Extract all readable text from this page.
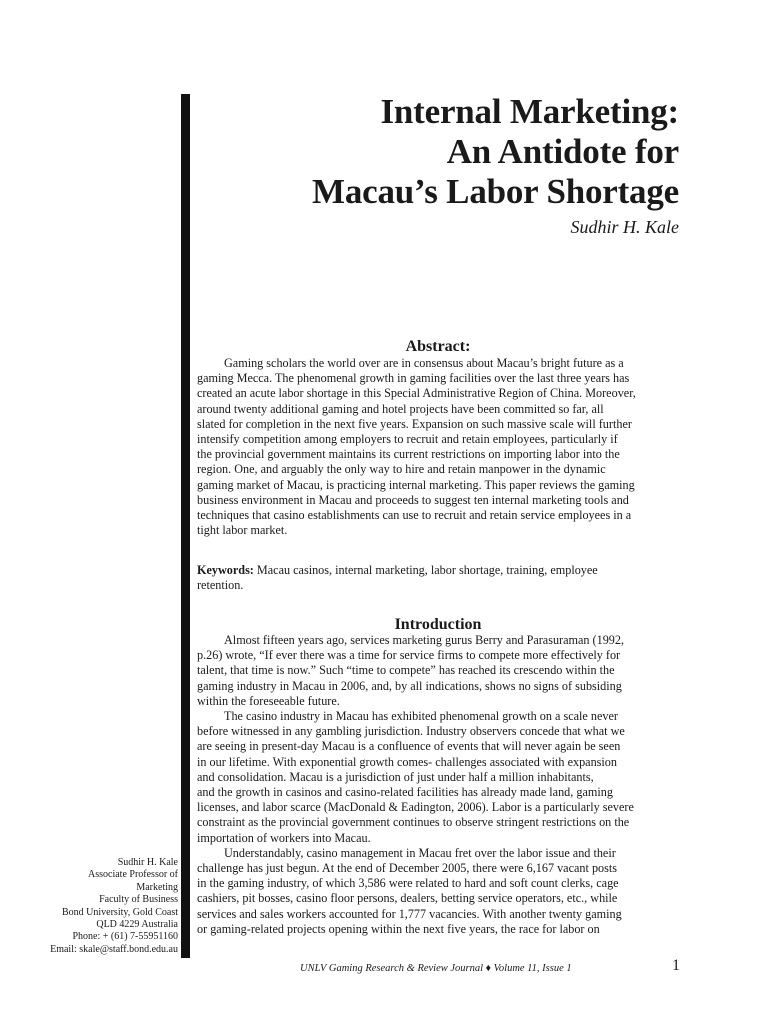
Internal Marketing:
An Antidote for
Macau’s Labor Shortage
Sudhir H. Kale
Abstract:

Gaming scholars the world over are in consensus about Macau’s bright future as a
gaming Mecca. The phenomenal growth in gaming facilities over the last three years has
created an acute labor shortage in this Special Administrative Region of China. Moreover,
around twenty additional gaming and hotel projects have been committed so far, all
slated for completion in the next five years. Expansion on such massive scale will further
intensify competition among employers to recruit and retain employees, particularly if
the provincial government maintains its current restrictions on importing labor into the
region. One, and arguably the only way to hire and retain manpower in the dynamic
gaming market of Macau, is practicing internal marketing. This paper reviews the gaming
business environment in Macau and proceeds to suggest ten internal marketing tools and
techniques that casino establishments can use to recruit and retain service employees in a
tight labor market.

Keywords: Macau casinos, internal marketing, labor shortage, training, employee
retention.

Introduction

Almost fifteen years ago, services marketing gurus Berry and Parasuraman (1992,
p.26) wrote, “If ever there was a time for service firms to compete more effectively for
talent, that time is now.” Such “time to compete” has reached its crescendo within the
gaming industry in Macau in 2006, and, by all indications, shows no signs of subsiding
within the foreseeable future.

The casino industry in Macau has exhibited phenomenal growth on a scale never
before witnessed in any gambling jurisdiction. Industry observers concede that what we
are seeing in present-day Macau is a confluence of events that will never again be seen
in our lifetime. With exponential growth comes- challenges associated with expansion
and consolidation. Macau is a jurisdiction of just under half a million inhabitants,
and the growth in casinos and casino-related facilities has already made land, gaming
licenses, and labor scarce (MacDonald & Eadington, 2006). Labor is a particularly severe
constraint as the provincial government continues to observe stringent restrictions on the
importation of workers into Macau.

Understandably, casino management in Macau fret over the labor issue and their
challenge has just begun. At the end of December 2005, there were 6,167 vacant posts
in the gaming industry, of which 3,586 were related to hard and soft count clerks, cage
cashiers, pit bosses, casino floor persons, dealers, betting service operators, etc., while
services and sales workers accounted for 1,777 vacancies. With another twenty gaming
or gaming-related projects opening within the next five years, the race for labor on

Sudhir H. Kale
Associate Professor of
Marketing
Faculty of Business
Bond University, Gold Coast
QLD 4229 Australia
Phone: + (61) 7-55951160
Email: skale@staff.bond.edu.au
UNLV Gaming Research & Review Journal ♦ Volume 11, Issue 1	1
